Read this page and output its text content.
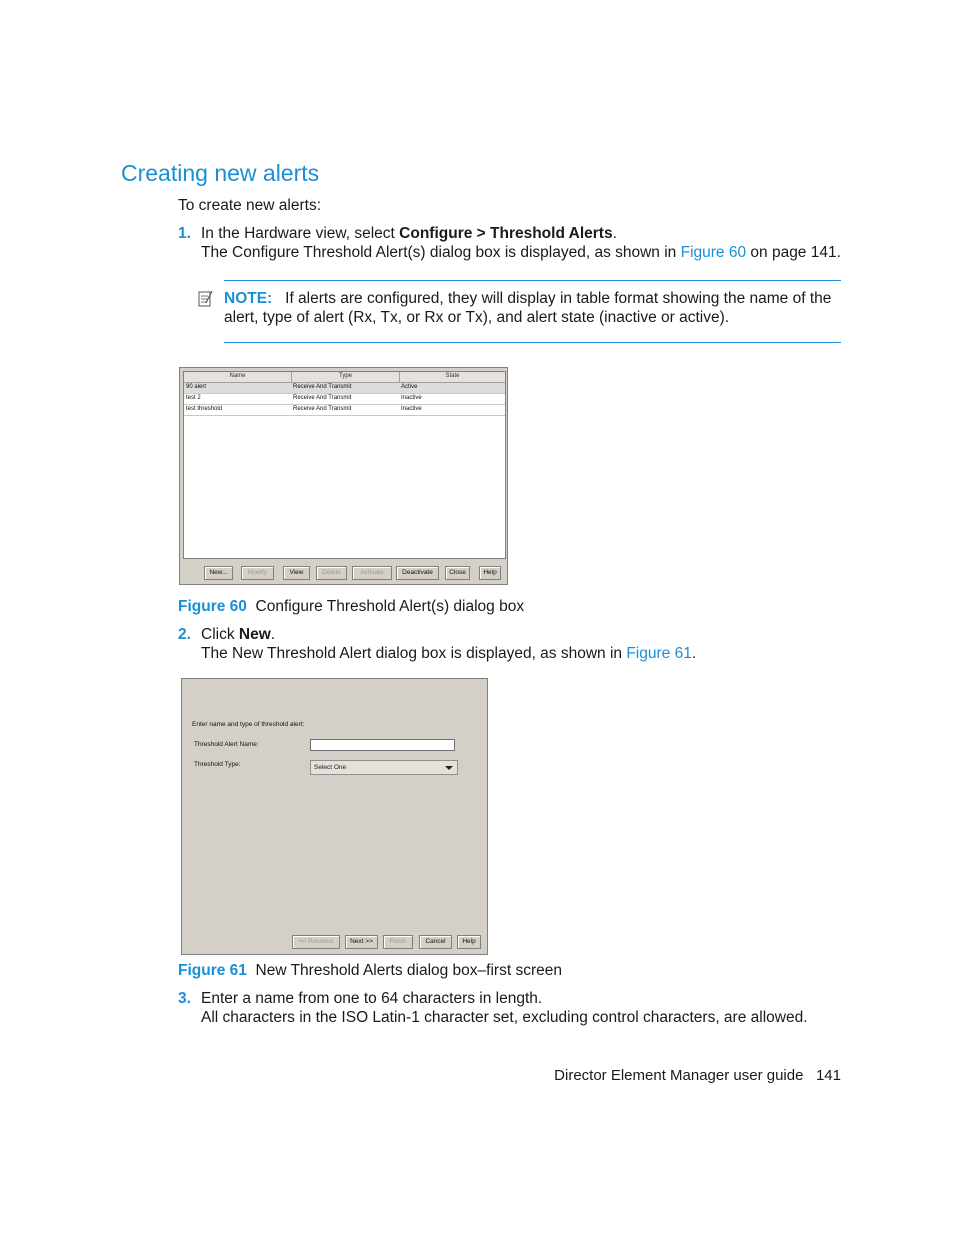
Creating new alerts
To create new alerts:
1. In the Hardware view, select Configure > Threshold Alerts.
The Configure Threshold Alert(s) dialog box is displayed, as shown in Figure 60 on page 141.
NOTE: If alerts are configured, they will display in table format showing the name of the
alert, type of alert (Rx, Tx, or Rx or Tx), and alert state (inactive or active).
Name	Type	State
90 alert	Receive And Transmit	Active
test 2	Receive And Transmit	Inactive
test threshold	Receive And Transmit	Inactive
New...	Modify	View	Delete	Activate	Deactivate	Close	Help
Figure 60 Configure Threshold Alert(s) dialog box
2. Click New.
The New Threshold Alert dialog box is displayed, as shown in Figure 61.
Enter name and type of threshold alert:
Threshold Alert Name:
Threshold Type:	Select One
<< Previous	Next >>	Finish	Cancel	Help
Figure 61 New Threshold Alerts dialog box–first screen
3. Enter a name from one to 64 characters in length.
All characters in the ISO Latin-1 character set, excluding control characters, are allowed.
Director Element Manager user guide 141
